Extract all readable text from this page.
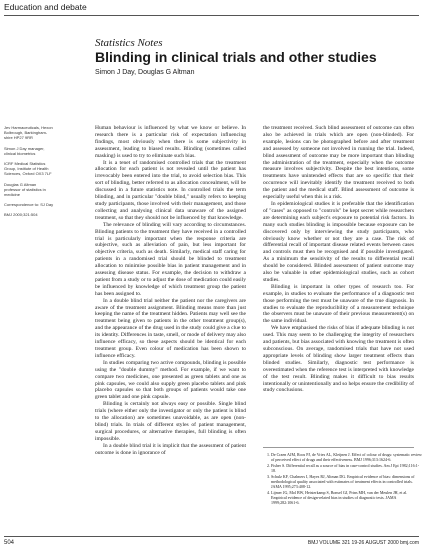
Education and debate
Statistics Notes
Blinding in clinical trials and other studies
Simon J Day, Douglas G Altman

Jev Harmaceuticals, Hexon Bolbrough, Barkingham-shire HP27 9RR

Simon J Day manager, clinical biometrics

ICRF Medical Statistics Group, Institute of Health Sciences, Oxford OX3 7LF

Douglas G Altman professor of statistics in medicine

Correspondence to: SJ Day

BMJ 2000;321:504

Human behaviour is influenced by what we know or believe. In research there is a particular risk of expectation influencing findings, most obviously when there is some subjectivity in assessment, leading to biased results. Blinding (sometimes called masking) is used to try to eliminate such bias.

It is a tenet of randomised controlled trials that the treatment allocation for each patient is not revealed until the patient has irrevocably been entered into the trial, to avoid selection bias. This sort of blinding, better referred to as allocation concealment, will be discussed in a future statistics note. In controlled trials the term blinding, and in particular "double blind," usually refers to keeping study participants, those involved with their management, and those collecting and analysing clinical data unaware of the assigned treatment, so that they should not be influenced by that knowledge.

The relevance of blinding will vary according to circumstances. Blinding patients to the treatment they have received in a controlled trial is particularly important when the response criteria are subjective, such as alleviation of pain, but less important for objective criteria, such as death. Similarly, medical staff caring for patients in a randomised trial should be blinded to treatment allocation to minimise possible bias in patient management and in assessing disease status. For example, the decision to withdraw a patient from a study or to adjust the dose of medication could easily be influenced by knowledge of which treatment group the patient has been assigned to.

In a double blind trial neither the patient nor the caregivers are aware of the treatment assignment. Blinding means more than just keeping the name of the treatment hidden. Patients may well see the treatment being given to patients in the other treatment group(s), and the appearance of the drug used in the study could give a clue to its identity. Differences in taste, smell, or mode of delivery may also influence efficacy, so these aspects should be identical for each treatment group. Even colour of medication has been shown to influence efficacy.

In studies comparing two active compounds, blinding is possible using the "double dummy" method. For example, if we want to compare two medicines, one presented as green tablets and one as pink capsules, we could also supply green placebo tablets and pink placebo capsules so that both groups of patients would take one green tablet and one pink capsule.

Blinding is certainly not always easy or possible. Single blind trials (where either only the investigator or only the patient is blind to the allocation) are sometimes unavoidable, as are open (non-blind) trials. In trials of different styles of patient management, surgical procedures, or alternative therapies, full blinding is often impossible.

In a double blind trial it is implicit that the assessment of patient outcome is done in ignorance of

the treatment received. Such blind assessment of outcome can often also be achieved in trials which are open (non-blinded). For example, lesions can be photographed before and after treatment and assessed by someone not involved in running the trial. Indeed, blind assessment of outcome may be more important than blinding the administration of the treatment, especially when the outcome measure involves subjectivity. Despite the best intentions, some treatments have unintended effects that are so specific that their occurrence will inevitably identify the treatment received to both the patient and the medical staff. Blind assessment of outcome is especially useful when this is a risk.

In epidemiological studies it is preferable that the identification of "cases" as opposed to "controls" be kept secret while researchers are determining each subject's exposure to potential risk factors. In many such studies blinding is impossible because exposure can be discovered only by interviewing the study participants, who obviously know whether or not they are a case. The risk of differential recall of important disease related events between cases and controls must then be recognised and if possible investigated. As a minimum the sensitivity of the results to differential recall should be considered. Blinded assessment of patient outcome may also be valuable in other epidemiological studies, such as cohort studies.

Blinding is important in other types of research too. For example, in studies to evaluate the performance of a diagnostic test those performing the test must be unaware of the true diagnosis. In studies to evaluate the reproducibility of a measurement technique the observers must be unaware of their previous measurement(s) on the same individual.

We have emphasised the risks of bias if adequate blinding is not used. This may seem to be challenging the integrity of researchers and patients, but bias associated with knowing the treatment is often subconscious. On average, randomised trials that have not used appropriate levels of blinding show larger treatment effects than blinded studies. Similarly, diagnostic test performance is overestimated when the reference test is interpreted with knowledge of the test result. Blinding makes it difficult to bias results intentionally or unintentionally and so helps ensure the credibility of study conclusions.

1. De Craen AJM, Roos PJ, de Vries AL, Kleijnen J. Effect of colour of drugs: systematic review of perceived effect of drugs and their effectiveness. BMJ 1996;313:1624-6.
2. Fisher S. Differential recall as a source of bias in case-control studies. Am J Epi 1982;116:1-18.
3. Schulz KF, Chalmers I, Hayes RJ, Altman DG. Empirical evidence of bias: dimensions of methodological quality associated with estimates of treatment effects in controlled trials. JAMA 1995;273:408-12.
4. Lijmer JG, Mol BW, Heisterkamp S, Bonsel GJ, Prins MH, van der Meulen JH, et al. Empirical evidence of design-related bias in studies of diagnostic tests. JAMA 1999;282:1061-6.
504	BMJ VOLUME 321 19-26 AUGUST 2000 bmj.com
